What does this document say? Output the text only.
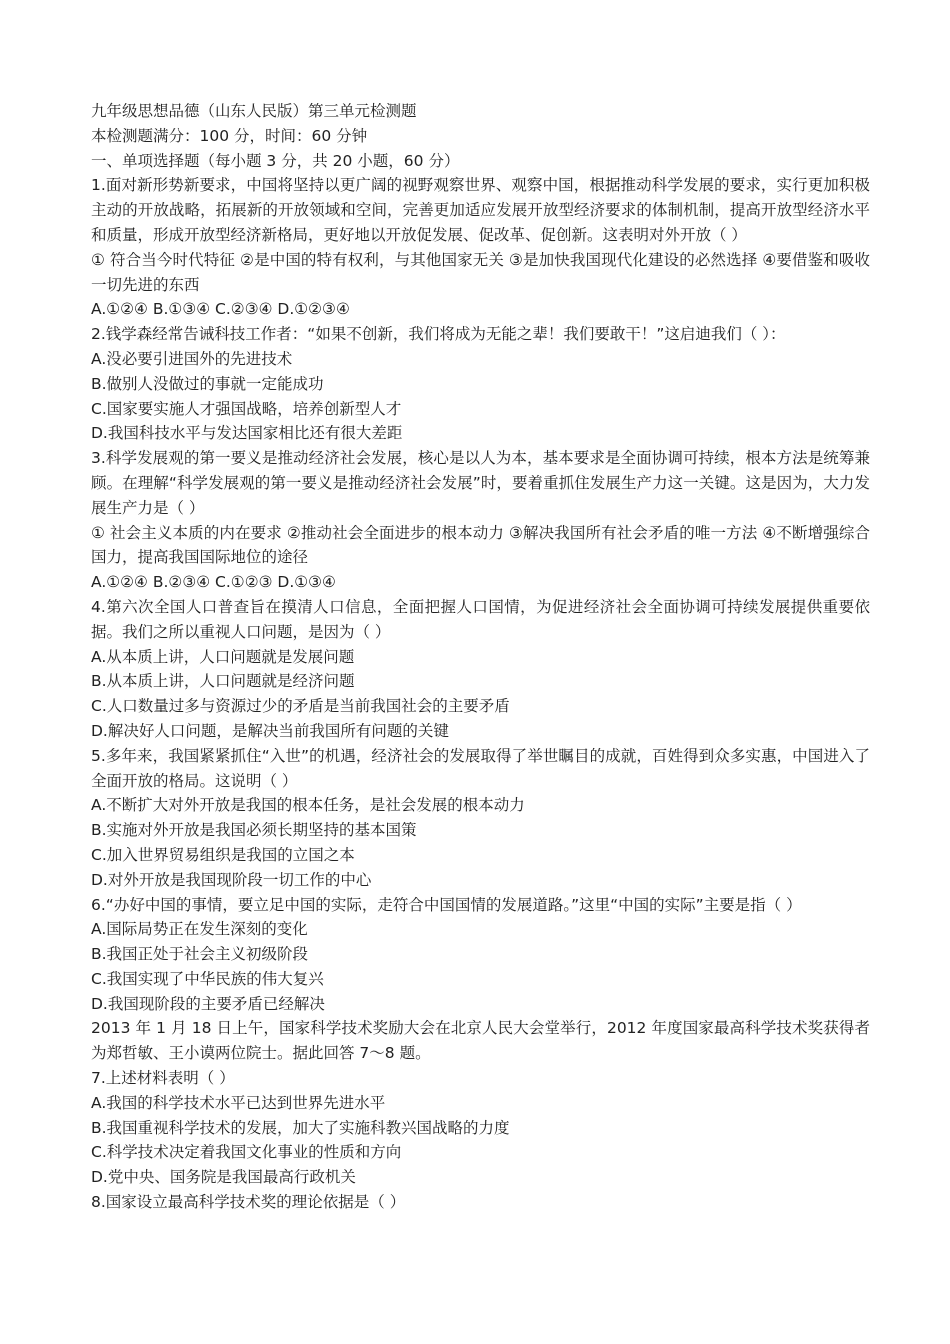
九年级思想品德（山东人民版）第三单元检测题
本检测题满分：100 分，时间：60 分钟
一、单项选择题（每小题 3 分，共 20 小题，60 分）
1.面对新形势新要求，中国将坚持以更广阔的视野观察世界、观察中国，根据推动科学发展的要求，实行更加积极主动的开放战略，拓展新的开放领域和空间，完善更加适应发展开放型经济要求的体制机制，提高开放型经济水平和质量，形成开放型经济新格局，更好地以开放促发展、促改革、促创新。这表明对外开放（ ）
① 符合当今时代特征 ②是中国的特有权利，与其他国家无关 ③是加快我国现代化建设的必然选择 ④要借鉴和吸收一切先进的东西
A.①②④ B.①③④ C.②③④ D.①②③④
2.钱学森经常告诫科技工作者：“如果不创新，我们将成为无能之辈！我们要敢干！”这启迪我们（ ）：
A.没必要引进国外的先进技术
B.做别人没做过的事就一定能成功
C.国家要实施人才强国战略，培养创新型人才
D.我国科技水平与发达国家相比还有很大差距
3.科学发展观的第一要义是推动经济社会发展，核心是以人为本，基本要求是全面协调可持续，根本方法是统筹兼顾。在理解“科学发展观的第一要义是推动经济社会发展”时，要着重抓住发展生产力这一关键。这是因为，大力发展生产力是（ ）
① 社会主义本质的内在要求 ②推动社会全面进步的根本动力 ③解决我国所有社会矛盾的唯一方法 ④不断增强综合国力，提高我国国际地位的途径
A.①②④ B.②③④ C.①②③ D.①③④
4.第六次全国人口普查旨在摸清人口信息，全面把握人口国情，为促进经济社会全面协调可持续发展提供重要依据。我们之所以重视人口问题，是因为（ ）
A.从本质上讲，人口问题就是发展问题
B.从本质上讲，人口问题就是经济问题
C.人口数量过多与资源过少的矛盾是当前我国社会的主要矛盾
D.解决好人口问题，是解决当前我国所有问题的关键
5.多年来，我国紧紧抓住“入世”的机遇，经济社会的发展取得了举世瞩目的成就，百姓得到众多实惠，中国进入了全面开放的格局。这说明（ ）
A.不断扩大对外开放是我国的根本任务，是社会发展的根本动力
B.实施对外开放是我国必须长期坚持的基本国策
C.加入世界贸易组织是我国的立国之本
D.对外开放是我国现阶段一切工作的中心
6.“办好中国的事情，要立足中国的实际，走符合中国国情的发展道路。”这里“中国的实际”主要是指（ ）
A.国际局势正在发生深刻的变化
B.我国正处于社会主义初级阶段
C.我国实现了中华民族的伟大复兴
D.我国现阶段的主要矛盾已经解决
2013 年 1 月 18 日上午，国家科学技术奖励大会在北京人民大会堂举行，2012 年度国家最高科学技术奖获得者为郑哲敏、王小谟两位院士。据此回答 7～8 题。
7.上述材料表明（ ）
A.我国的科学技术水平已达到世界先进水平
B.我国重视科学技术的发展，加大了实施科教兴国战略的力度
C.科学技术决定着我国文化事业的性质和方向
D.党中央、国务院是我国最高行政机关
8.国家设立最高科学技术奖的理论依据是（ ）
